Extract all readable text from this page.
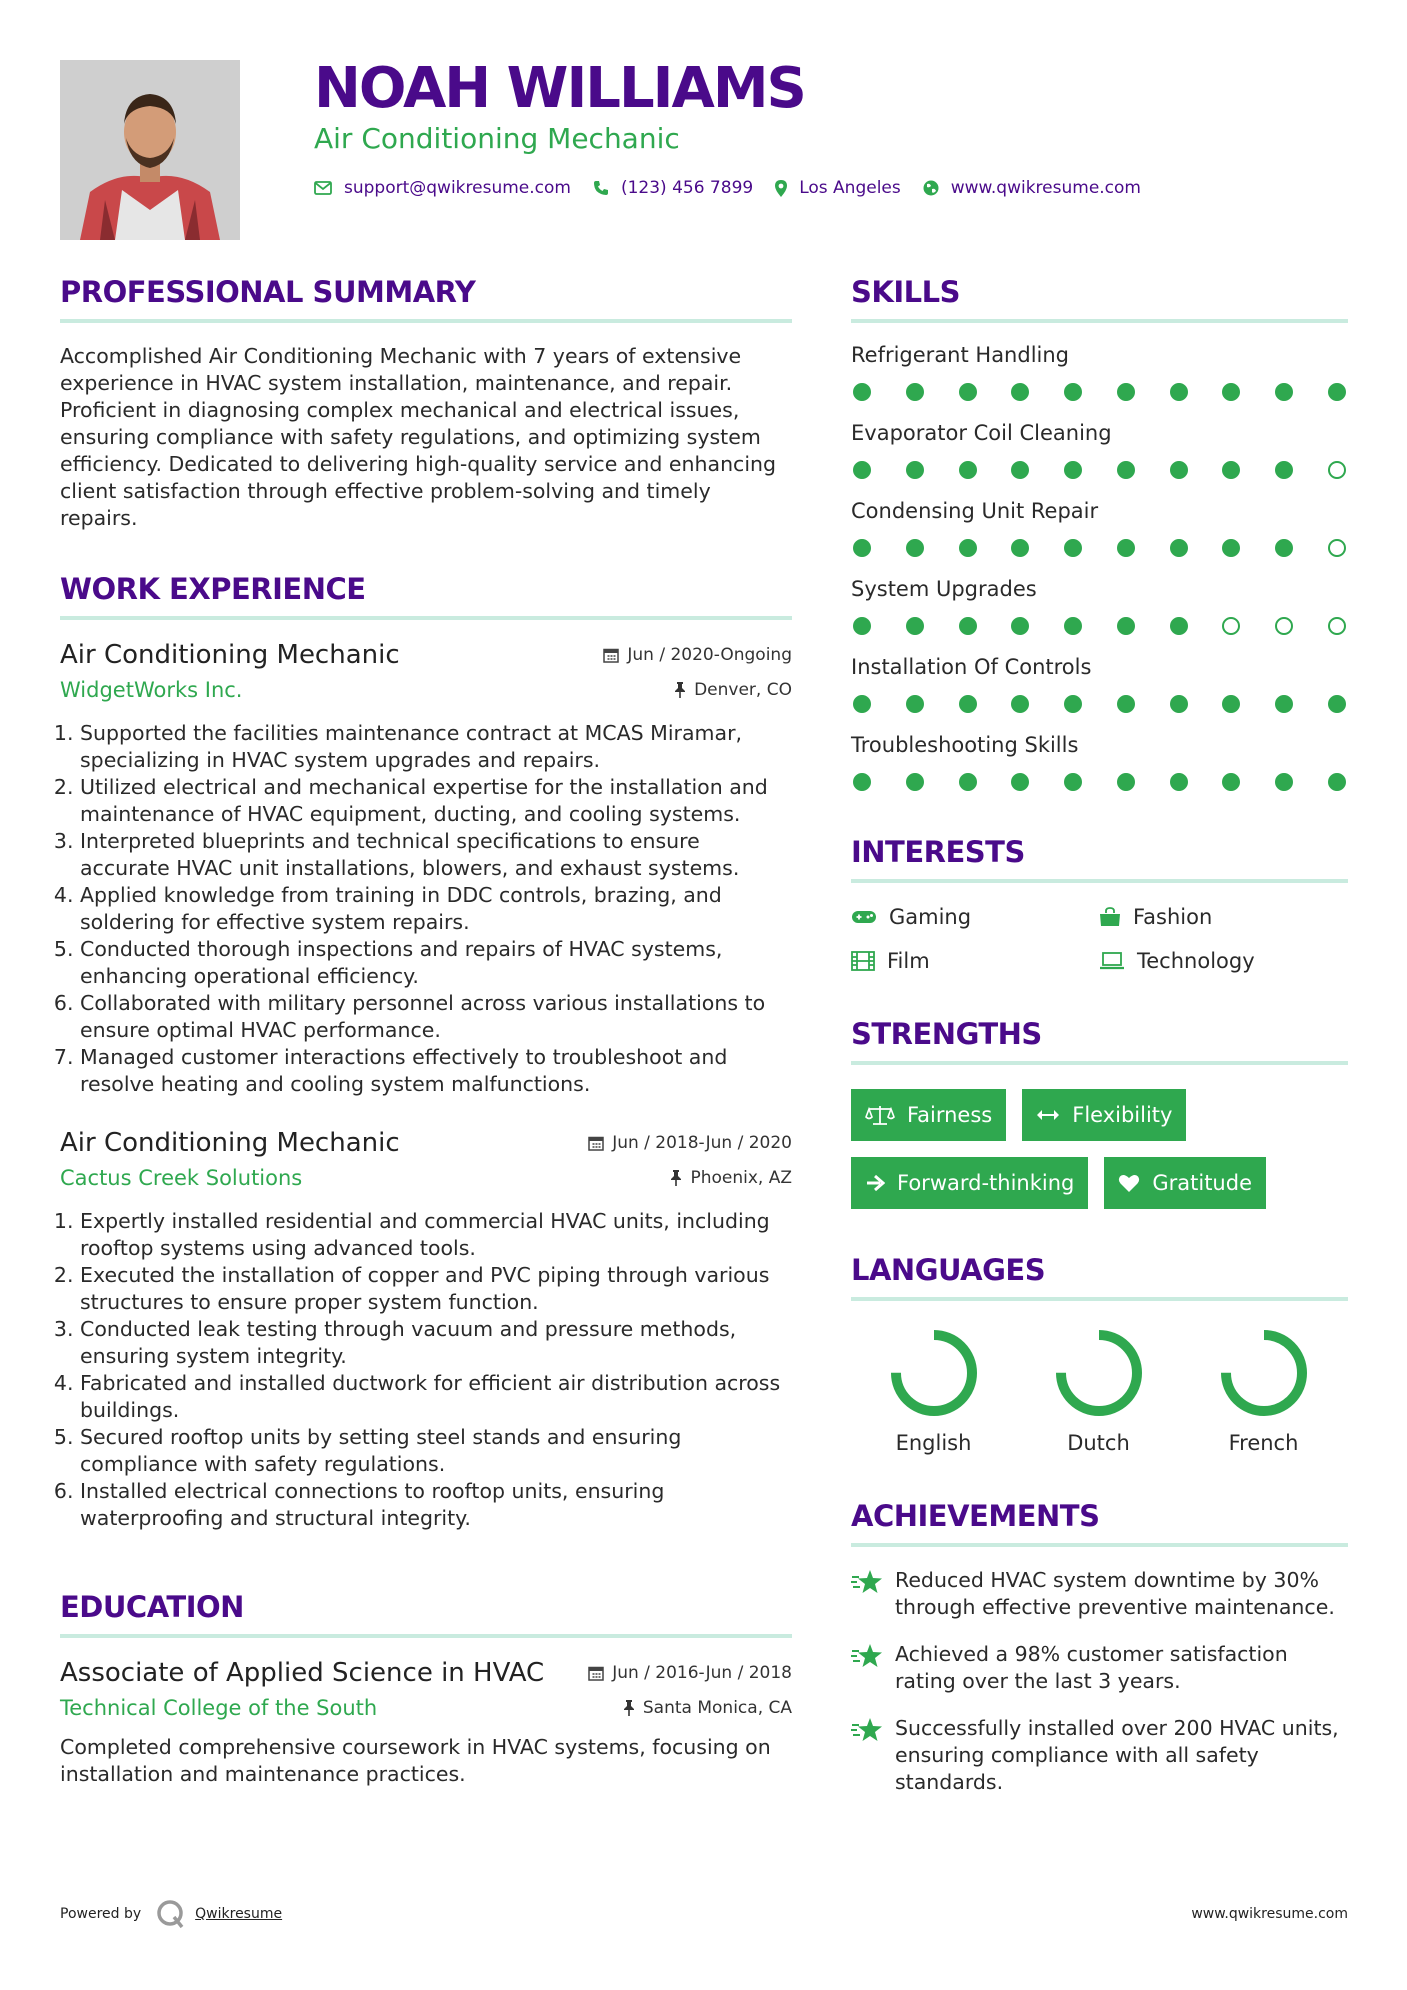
NOAH WILLIAMS
Air Conditioning Mechanic
support@qwikresume.com	(123) 456 7899	Los Angeles	www.qwikresume.com
PROFESSIONAL SUMMARY
Accomplished Air Conditioning Mechanic with 7 years of extensive experience in HVAC system installation, maintenance, and repair. Proficient in diagnosing complex mechanical and electrical issues, ensuring compliance with safety regulations, and optimizing system efficiency. Dedicated to delivering high-quality service and enhancing client satisfaction through effective problem-solving and timely repairs.
WORK EXPERIENCE
Air Conditioning Mechanic	Jun / 2020-Ongoing
WidgetWorks Inc.	Denver, CO
1. Supported the facilities maintenance contract at MCAS Miramar, specializing in HVAC system upgrades and repairs.
2. Utilized electrical and mechanical expertise for the installation and maintenance of HVAC equipment, ducting, and cooling systems.
3. Interpreted blueprints and technical specifications to ensure accurate HVAC unit installations, blowers, and exhaust systems.
4. Applied knowledge from training in DDC controls, brazing, and soldering for effective system repairs.
5. Conducted thorough inspections and repairs of HVAC systems, enhancing operational efficiency.
6. Collaborated with military personnel across various installations to ensure optimal HVAC performance.
7. Managed customer interactions effectively to troubleshoot and resolve heating and cooling system malfunctions.
Air Conditioning Mechanic	Jun / 2018-Jun / 2020
Cactus Creek Solutions	Phoenix, AZ
1. Expertly installed residential and commercial HVAC units, including rooftop systems using advanced tools.
2. Executed the installation of copper and PVC piping through various structures to ensure proper system function.
3. Conducted leak testing through vacuum and pressure methods, ensuring system integrity.
4. Fabricated and installed ductwork for efficient air distribution across buildings.
5. Secured rooftop units by setting steel stands and ensuring compliance with safety regulations.
6. Installed electrical connections to rooftop units, ensuring waterproofing and structural integrity.
EDUCATION
Associate of Applied Science in HVAC	Jun / 2016-Jun / 2018
Technical College of the South	Santa Monica, CA
Completed comprehensive coursework in HVAC systems, focusing on installation and maintenance practices.
SKILLS
Refrigerant Handling
Evaporator Coil Cleaning
Condensing Unit Repair
System Upgrades
Installation Of Controls
Troubleshooting Skills
INTERESTS
Gaming	Fashion
Film	Technology
STRENGTHS
Fairness	Flexibility
Forward-thinking	Gratitude
LANGUAGES
English	Dutch	French
ACHIEVEMENTS
Reduced HVAC system downtime by 30% through effective preventive maintenance.
Achieved a 98% customer satisfaction rating over the last 3 years.
Successfully installed over 200 HVAC units, ensuring compliance with all safety standards.
Powered by	Qwikresume	www.qwikresume.com
